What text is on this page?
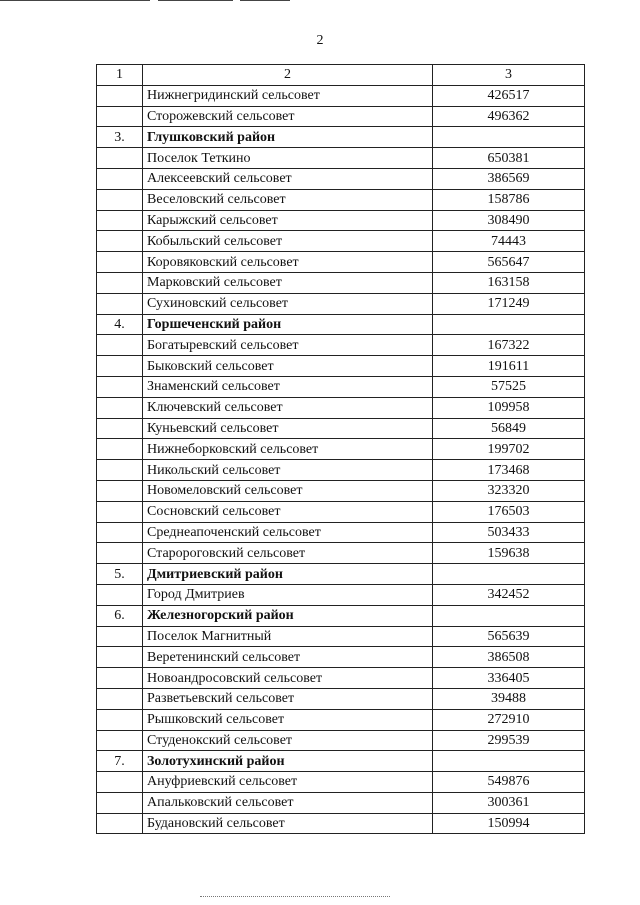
2
1	2	3
	Нижнегридинский сельсовет	426517
	Сторожевский сельсовет	496362
3.	Глушковский район	
	Поселок Теткино	650381
	Алексеевский сельсовет	386569
	Веселовский сельсовет	158786
	Карыжский сельсовет	308490
	Кобыльский сельсовет	74443
	Коровяковский сельсовет	565647
	Марковский сельсовет	163158
	Сухиновский сельсовет	171249
4.	Горшеченский район	
	Богатыревский сельсовет	167322
	Быковский сельсовет	191611
	Знаменский сельсовет	57525
	Ключевский сельсовет	109958
	Куньевский сельсовет	56849
	Нижнеборковский сельсовет	199702
	Никольский сельсовет	173468
	Новомеловский сельсовет	323320
	Сосновский сельсовет	176503
	Среднеапоченский сельсовет	503433
	Старороговский сельсовет	159638
5.	Дмитриевский район	
	Город Дмитриев	342452
6.	Железногорский район	
	Поселок Магнитный	565639
	Веретенинский сельсовет	386508
	Новоандросовский сельсовет	336405
	Разветьевский сельсовет	39488
	Рышковский сельсовет	272910
	Студенокский сельсовет	299539
7.	Золотухинский район	
	Ануфриевский сельсовет	549876
	Апальковский сельсовет	300361
	Будановский сельсовет	150994
